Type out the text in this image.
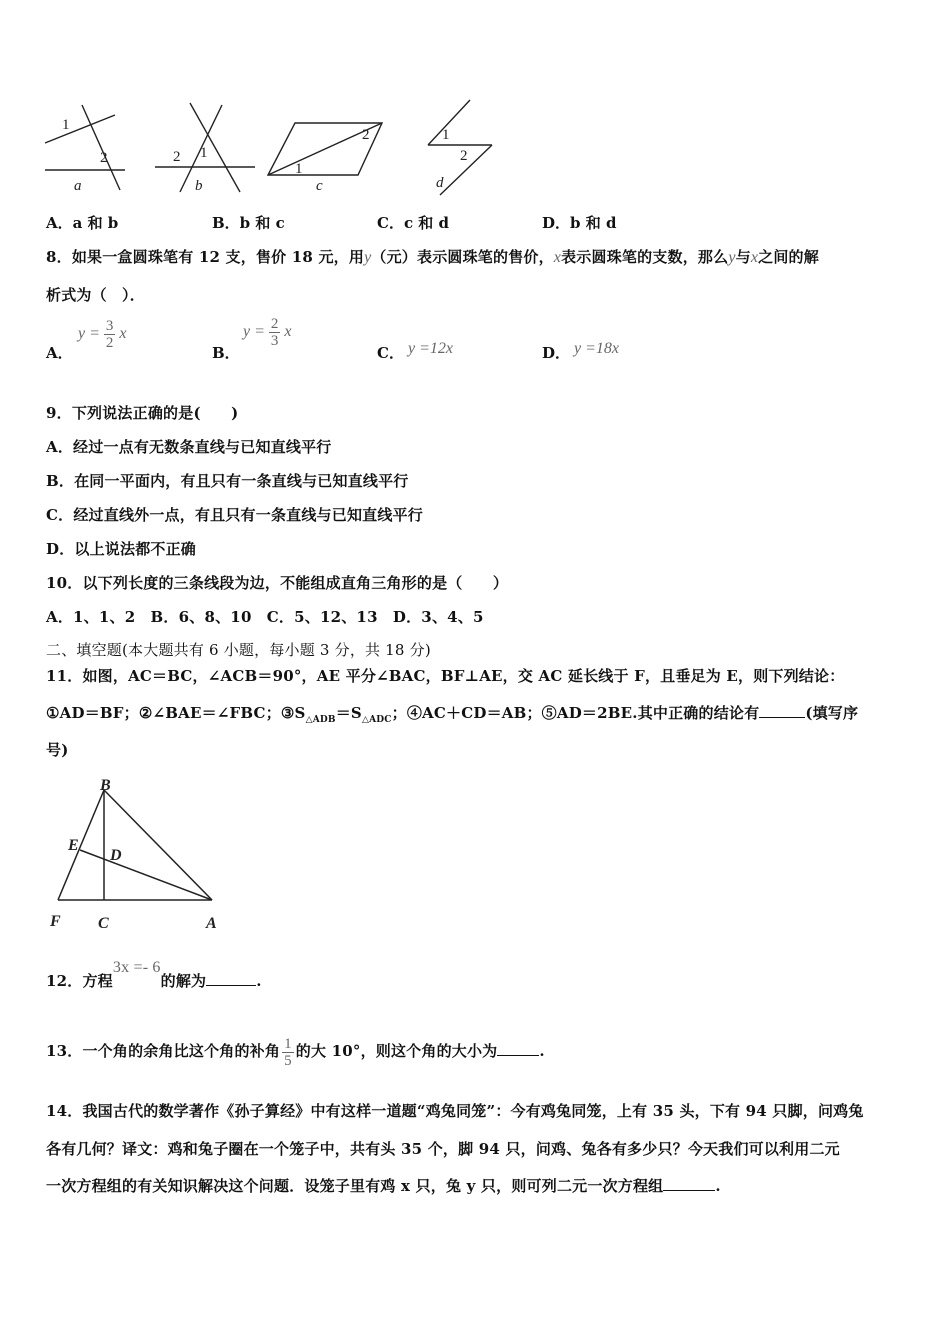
1
2
a
1
2
b
1
2
c
1
2
d
A．a 和 b	B．b 和 c	C．c 和 d	D．b 和 d
8．如果一盒圆珠笔有 12 支，售价 18 元，用y（元）表示圆珠笔的售价，x表示圆珠笔的支数，那么y与x之间的解
析式为（　）．
A．
$y = \frac{3}{2}$ x
B．
$y = \frac{2}{3}$ x
C． y =12x	D． y =18x
9．下列说法正确的是(　　)
A．经过一点有无数条直线与已知直线平行
B．在同一平面内，有且只有一条直线与已知直线平行
C．经过直线外一点，有且只有一条直线与已知直线平行
D．以上说法都不正确
10．以下列长度的三条线段为边，不能组成直角三角形的是（　　）
A．1、1、2　B．6、8、10　C．5、12、13　D．3、4、5
二、填空题(本大题共有 6 小题，每小题 3 分，共 18 分)
11．如图，AC＝BC，∠ACB＝90°，AE 平分∠BAC，BF⊥AE，交 AC 延长线于 F，且垂足为 E，则下列结论：
①AD＝BF；②∠BAE＝∠FBC；$③S_{\triangle ADB}=S_{\triangle ADC}$；④AC＋CD＝AB；⑤AD＝2BE.其中正确的结论有	(填写序
号)
B
E
D
F C	A
12．方程3x =- 6的解为	.
13．一个角的余角比这个角的补角 $\frac{1}{5}$ 的大 10°，则这个角的大小为	.
14．我国古代的数学著作《孙子算经》中有这样一道题“鸡兔同笼”：今有鸡兔同笼，上有 35 头，下有 94 只脚，问鸡兔
各有几何？译文：鸡和兔子圈在一个笼子中，共有头 35 个，脚 94 只，问鸡、兔各有多少只？今天我们可以利用二元
一次方程组的有关知识解决这个问题．设笼子里有鸡 x 只，兔 y 只，则可列二元一次方程组	.
